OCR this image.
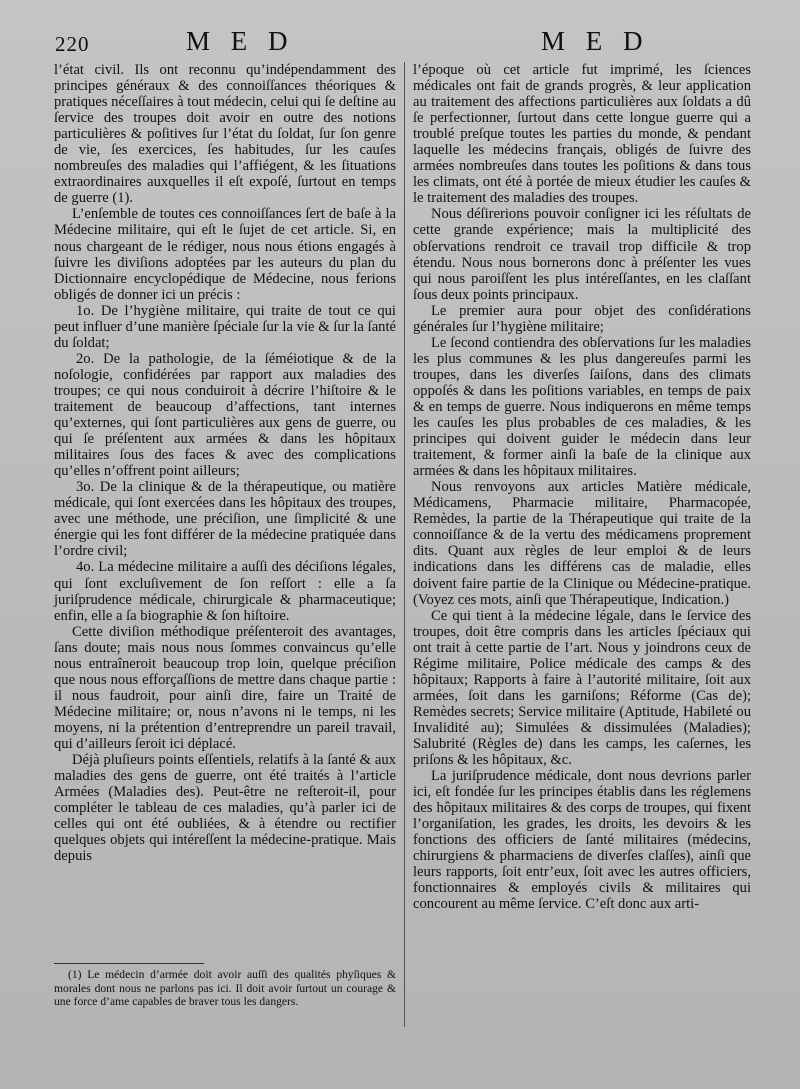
220	M E D	M E D

l’état civil. Ils ont reconnu qu’indépendamment des principes généraux & des connoiſſances théoriques & pratiques néceſſaires à tout médecin, celui qui ſe deſtine au ſervice des troupes doit avoir en outre des notions particulières & poſitives ſur l’état du ſoldat, ſur ſon genre de vie, ſes exercices, ſes habitudes, ſur les cauſes nombreuſes des maladies qui l’affiégent, & les ſituations extraordinaires auxquelles il eſt expoſé, ſurtout en temps de guerre (1).

L’enſemble de toutes ces connoiſſances ſert de baſe à la Médecine militaire, qui eſt le ſujet de cet article. Si, en nous chargeant de le rédiger, nous nous étions engagés à ſuivre les diviſions adoptées par les auteurs du plan du Dictionnaire encyclopédique de Médecine, nous ferions obligés de donner ici un précis :

1o. De l’hygiène militaire, qui traite de tout ce qui peut influer d’une manière ſpéciale ſur la vie & ſur la ſanté du ſoldat;

2o. De la pathologie, de la ſéméiotique & de la noſologie, confidérées par rapport aux maladies des troupes; ce qui nous conduiroit à décrire l’hiſtoire & le traitement de beaucoup d’affections, tant internes qu’externes, qui ſont particulières aux gens de guerre, ou qui ſe préſentent aux armées & dans les hôpitaux militaires ſous des faces & avec des complications qu’elles n’offrent point ailleurs;

3o. De la clinique & de la thérapeutique, ou matière médicale, qui ſont exercées dans les hôpitaux des troupes, avec une méthode, une préciſion, une ſimplicité & une énergie qui les font différer de la médecine pratiquée dans l’ordre civil;

4o. La médecine militaire a auſſi des déciſions légales, qui ſont excluſivement de ſon reſſort : elle a ſa juriſprudence médicale, chirurgicale & pharmaceutique; enfin, elle a ſa biographie & ſon hiſtoire.

Cette diviſion méthodique préſenteroit des avantages, ſans doute; mais nous nous ſommes convaincus qu’elle nous entraîneroit beaucoup trop loin, quelque préciſion que nous nous efforçaſſions de mettre dans chaque partie : il nous faudroit, pour ainſi dire, faire un Traité de Médecine militaire; or, nous n’avons ni le temps, ni les moyens, ni la prétention d’entreprendre un pareil travail, qui d’ailleurs ſeroit ici déplacé.

Déjà pluſieurs points eſſentiels, relatifs à la ſanté & aux maladies des gens de guerre, ont été traités à l’article Armées (Maladies des). Peut-être ne reſteroit-il, pour compléter le tableau de ces maladies, qu’à parler ici de celles qui ont été oubliées, & à étendre ou rectifier quelques objets qui intéreſſent la médecine-pratique. Mais depuis

(1) Le médecin d’armée doit avoir auſſi des qualités phyſiques & morales dont nous ne parlons pas ici. Il doit avoir ſurtout un courage & une force d’ame capables de braver tous les dangers.

l’époque où cet article fut imprimé, les ſciences médicales ont fait de grands progrès, & leur application au traitement des affections particulières aux ſoldats a dû ſe perfectionner, ſurtout dans cette longue guerre qui a troublé preſque toutes les parties du monde, & pendant laquelle les médecins français, obligés de ſuivre des armées nombreuſes dans toutes les poſitions & dans tous les climats, ont été à portée de mieux étudier les cauſes & le traitement des maladies des troupes.

Nous déſirerions pouvoir conſigner ici les réſultats de cette grande expérience; mais la multiplicité des obſervations rendroit ce travail trop difficile & trop étendu. Nous nous bornerons donc à préſenter les vues qui nous paroiſſent les plus intéreſſantes, en les claſſant ſous deux points principaux.

Le premier aura pour objet des conſidérations générales ſur l’hygiène militaire;

Le ſecond contiendra des obſervations ſur les maladies les plus communes & les plus dangereuſes parmi les troupes, dans les diverſes ſaiſons, dans des climats oppoſés & dans les poſitions variables, en temps de paix & en temps de guerre. Nous indiquerons en même temps les cauſes les plus probables de ces maladies, & les principes qui doivent guider le médecin dans leur traitement, & former ainſi la baſe de la clinique aux armées & dans les hôpitaux militaires.

Nous renvoyons aux articles Matière médicale, Médicamens, Pharmacie militaire, Pharmacopée, Remèdes, la partie de la Thérapeutique qui traite de la connoiſſance & de la vertu des médicamens proprement dits. Quant aux règles de leur emploi & de leurs indications dans les différens cas de maladie, elles doivent faire partie de la Clinique ou Médecine-pratique. (Voyez ces mots, ainſi que Thérapeutique, Indication.)

Ce qui tient à la médecine légale, dans le ſervice des troupes, doit être compris dans les articles ſpéciaux qui ont trait à cette partie de l’art. Nous y joindrons ceux de Régime militaire, Police médicale des camps & des hôpitaux; Rapports à faire à l’autorité militaire, ſoit aux armées, ſoit dans les garniſons; Réforme (Cas de); Remèdes secrets; Service militaire (Aptitude, Habileté ou Invalidité au); Simulées & dissimulées (Maladies); Salubrité (Règles de) dans les camps, les caſernes, les priſons & les hôpitaux, &c.

La juriſprudence médicale, dont nous devrions parler ici, eſt fondée ſur les principes établis dans les réglemens des hôpitaux militaires & des corps de troupes, qui fixent l’organiſation, les grades, les droits, les devoirs & les fonctions des officiers de ſanté militaires (médecins, chirurgiens & pharmaciens de diverſes claſſes), ainſi que leurs rapports, ſoit entr’eux, ſoit avec les autres officiers, fonctionnaires & employés civils & militaires qui concourent au même ſervice. C’eſt donc aux arti-
